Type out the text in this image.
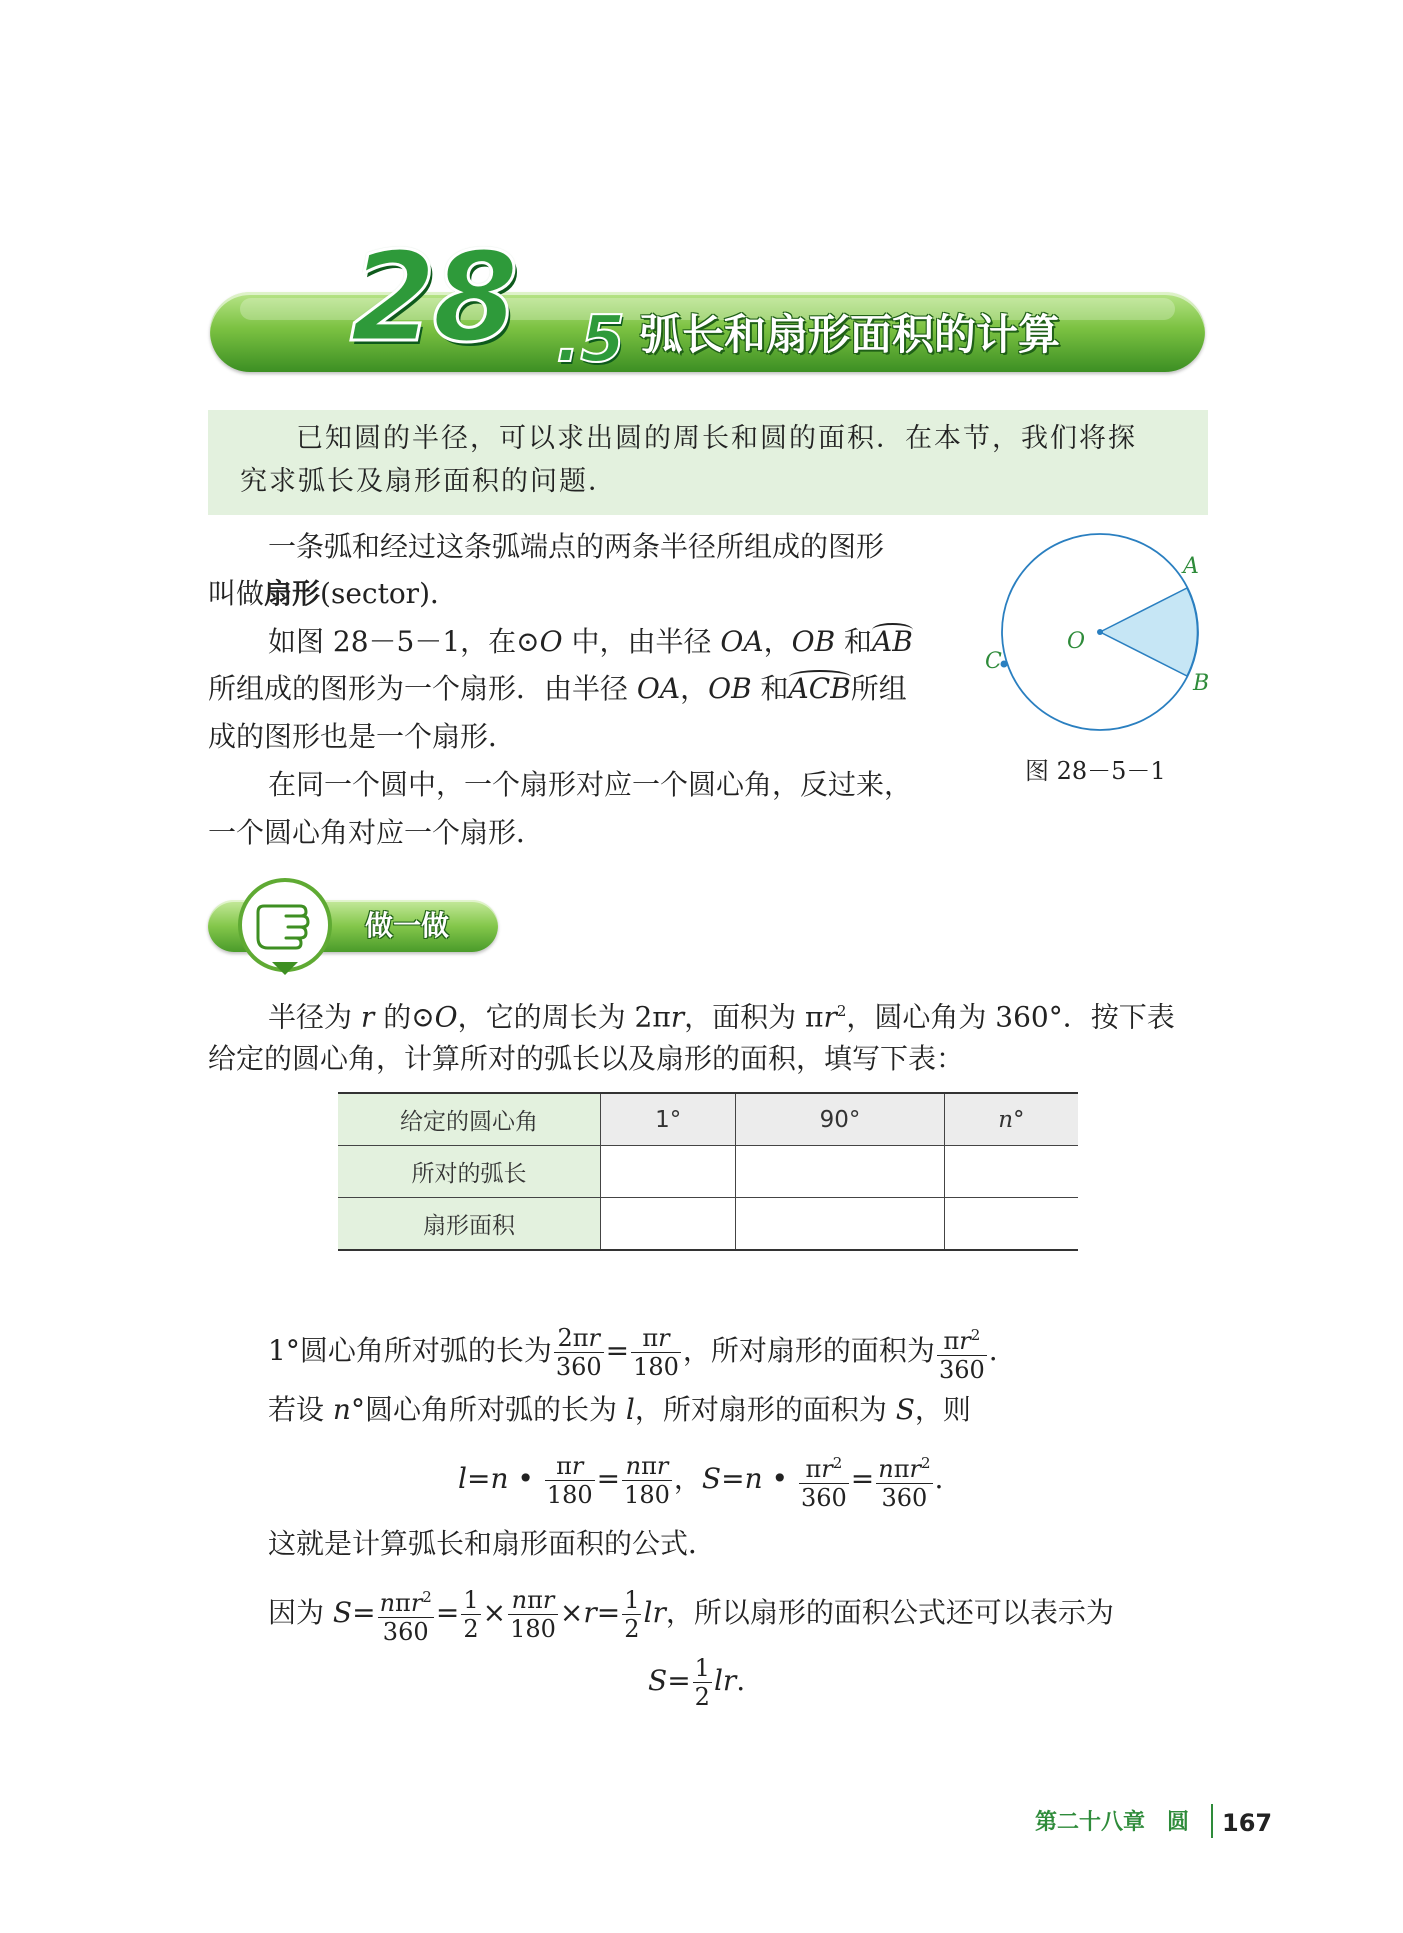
28 .5 弧长和扇形面积的计算
已知圆的半径，可以求出圆的周长和圆的面积．在本节，我们将探
究求弧长及扇形面积的问题．
一条弧和经过这条弧端点的两条半径所组成的图形
叫做扇形(sector)．
如图 28－5－1，在⊙O 中，由半径 OA，OB 和AB
所组成的图形为一个扇形．由半径 OA，OB 和ACB所组
成的图形也是一个扇形．
在同一个圆中，一个扇形对应一个圆心角，反过来，
一个圆心角对应一个扇形．
A
B
C
O
图 28－5－1
做一做
半径为 r 的⊙O，它的周长为 2πr，面积为 $\pi r^2$，圆心角为 360°．按下表
给定的圆心角，计算所对的弧长以及扇形的面积，填写下表：
给定的圆心角	1°	90°	n°
所对的弧长			
扇形面积			
1°圆心角所对弧的长为 $\frac{2\pi r}{360} = \frac{\pi r}{180}$ ，所对扇形的面积为 $\frac{\pi r^2}{360}$ .
若设 n°圆心角所对弧的长为 l，所对扇形的面积为 S，则
l=n • $\frac{\pi r}{180} = \frac{\text{nπr}}{180}$ ，S=n • $\frac{\pi r^2}{360} = \frac{n\pi r^2}{360}$ .
这就是计算弧长和扇形面积的公式．
因为 $S= \frac{n\pi r^2}{360} = \frac{1}{2} \times \frac{\text{nπr}}{180} \times r= \frac{1}{2}$ lr，所以扇形的面积公式还可以表示为
$S= \frac{1}{2}$ lr.
第二十八章　圆 167
